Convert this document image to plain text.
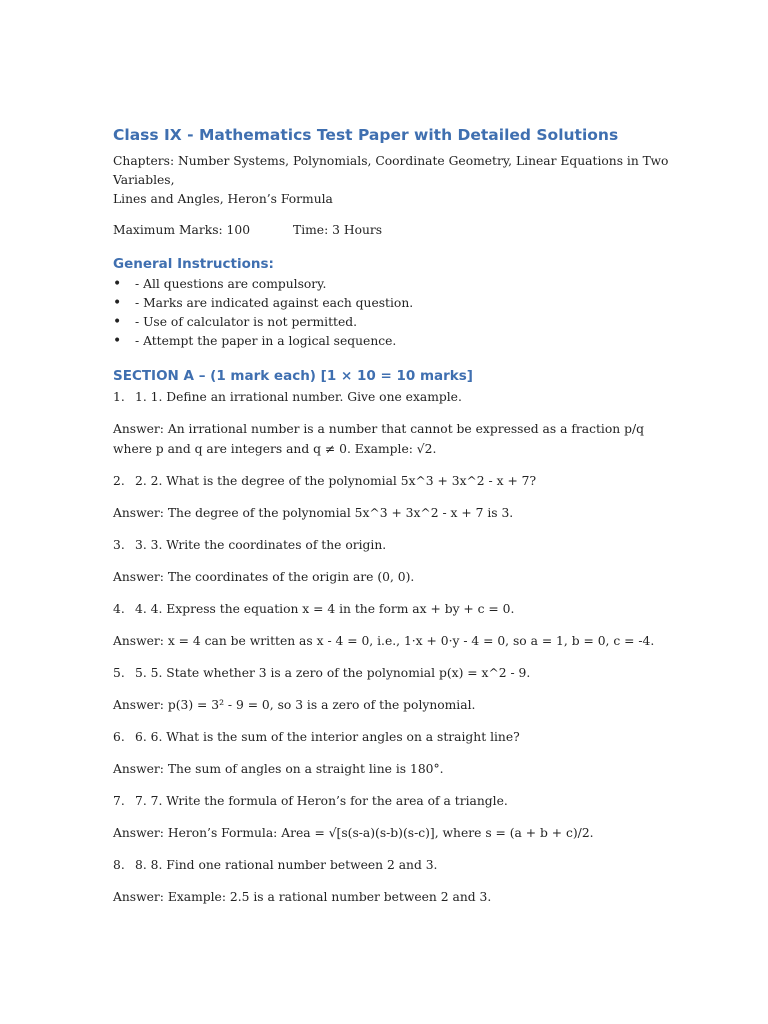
Class IX - Mathematics Test Paper with Detailed Solutions

Chapters: Number Systems, Polynomials, Coordinate Geometry, Linear Equations in Two Variables,

Lines and Angles, Heron’s Formula

Maximum Marks: 100	Time: 3 Hours
General Instructions:
•	- All questions are compulsory.
•	- Marks are indicated against each question.
•	- Use of calculator is not permitted.
•	- Attempt the paper in a logical sequence.
SECTION A – (1 mark each) [1 × 10 = 10 marks]

1. 1. 1. Define an irrational number. Give one example.

Answer: An irrational number is a number that cannot be expressed as a fraction p/q where p and q are integers and q ≠ 0. Example: √2.

2. 2. 2. What is the degree of the polynomial 5x^3 + 3x^2 - x + 7?

Answer: The degree of the polynomial 5x^3 + 3x^2 - x + 7 is 3.

3. 3. 3. Write the coordinates of the origin.

Answer: The coordinates of the origin are (0, 0).

4. 4. 4. Express the equation x = 4 in the form ax + by + c = 0.

Answer: x = 4 can be written as x - 4 = 0, i.e., 1·x + 0·y - 4 = 0, so a = 1, b = 0, c = -4.

5. 5. 5. State whether 3 is a zero of the polynomial p(x) = x^2 - 9.

Answer: p(3) = 3² - 9 = 0, so 3 is a zero of the polynomial.

6. 6. 6. What is the sum of the interior angles on a straight line?

Answer: The sum of angles on a straight line is 180°.

7. 7. 7. Write the formula of Heron’s for the area of a triangle.

Answer: Heron’s Formula: Area = √[s(s-a)(s-b)(s-c)], where s = (a + b + c)/2.

8. 8. 8. Find one rational number between 2 and 3.

Answer: Example: 2.5 is a rational number between 2 and 3.
